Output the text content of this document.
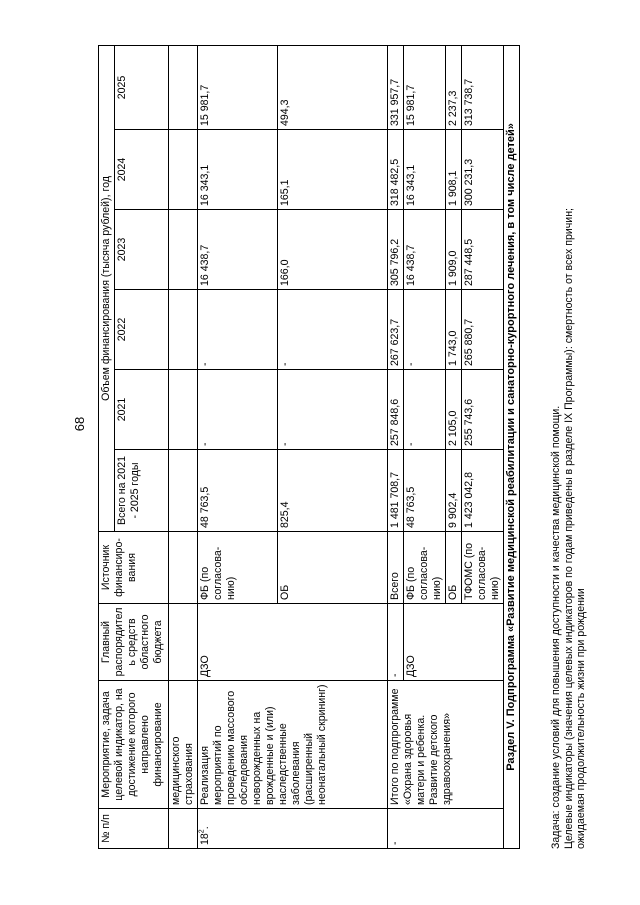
68
№ п/п	Мероприятие, задача целевой индикатор, на достижение которого направлено финансирование	Главный распорядитель средств областного бюджета	Источник финансиро-вания	Объем финансирования (тысяча рублей), год					
				Всего на 2021 - 2025 годы	2021	2022	2023	2024	2025
	медицинского страхования								
$18^2$.	Реализация мероприятий по проведению массового обследования новорожденных на врожденные и (или) наследственные заболевания (расширенный неонатальный скрининг)	ДЗО	ФБ (по согласова-нию)	48 763,5	-	-	16 438,7	16 343,1	15 981,7
			ОБ	825,4	-	-	166,0	165,1	494,3
-	Итого по подпрограмме «Охрана здоровья матери и ребенка. Развитие детского здравоохранения»	-	Всего	1 481 708,7	257 848,6	267 623,7	305 796,2	318 482,5	331 957,7
		ДЗО	ФБ (по согласова-нию)	48 763,5	-	-	16 438,7	16 343,1	15 981,7
			ОБ	9 902,4	2 105,0	1 743,0	1 909,0	1 908,1	2 237,3
			ТФОМС (по согласова-нию)	1 423 042,8	255 743,6	265 880,7	287 448,5	300 231,3	313 738,7
Раздел V. Подпрограмма «Развитие медицинской реабилитации и санаторно-курортного лечения, в том числе детей»										Задача: создание условий для повышения доступности и качества медицинской помощи. Целевые индикаторы (значения целевых индикаторов по годам приведены в разделе IX Программы): смертность от всех причин; ожидаемая продолжительность жизни при рождении
